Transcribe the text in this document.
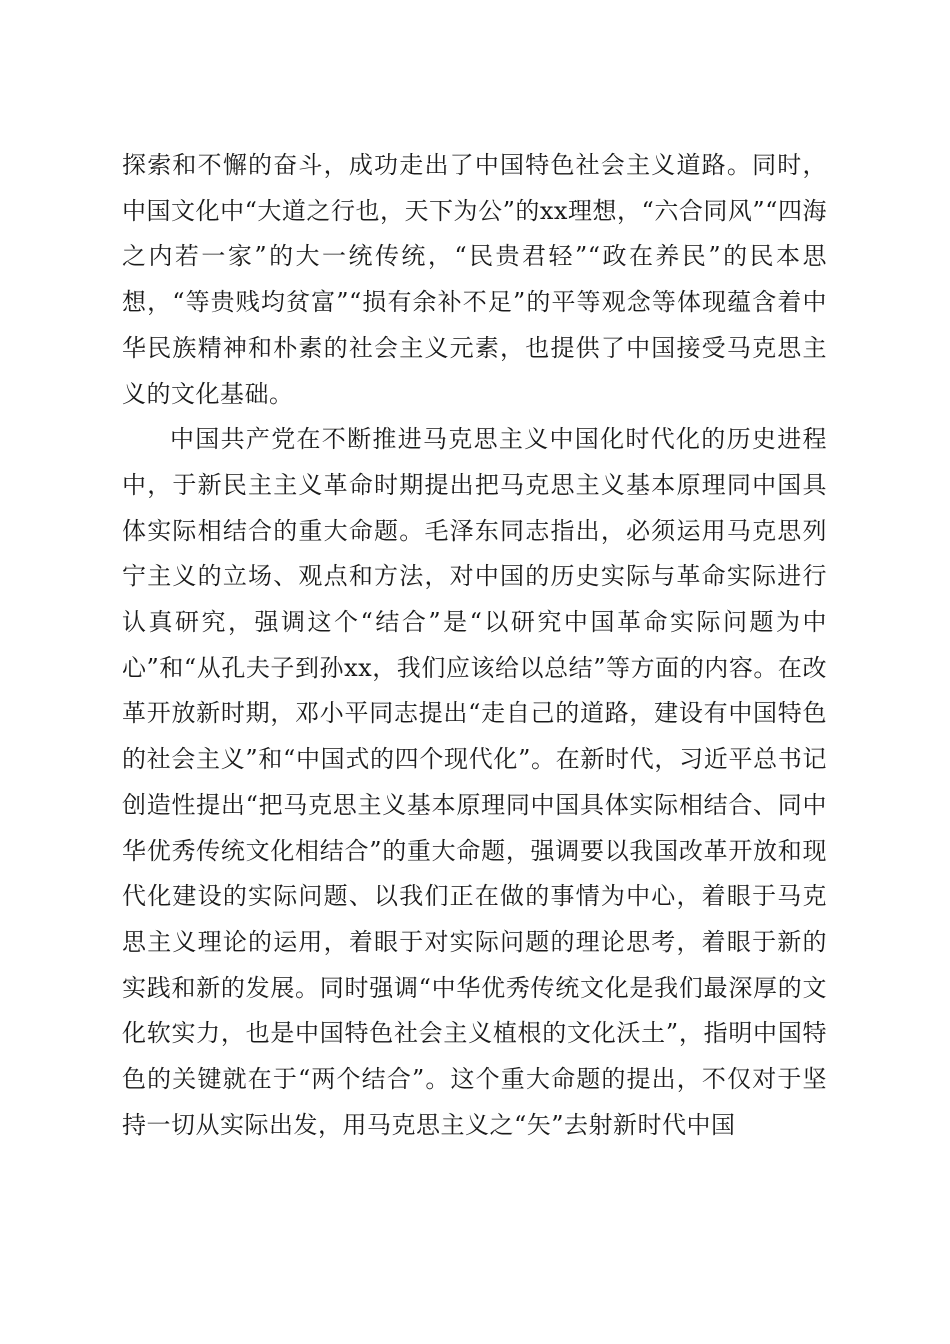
探索和不懈的奋斗，成功走出了中国特色社会主义道路。同时，中国文化中“大道之行也，天下为公”的xx理想，“六合同风”“四海之内若一家”的大一统传统，“民贵君轻”“政在养民”的民本思想，“等贵贱均贫富”“损有余补不足”的平等观念等体现蕴含着中华民族精神和朴素的社会主义元素，也提供了中国接受马克思主义的文化基础。

中国共产党在不断推进马克思主义中国化时代化的历史进程中，于新民主主义革命时期提出把马克思主义基本原理同中国具体实际相结合的重大命题。毛泽东同志指出，必须运用马克思列宁主义的立场、观点和方法，对中国的历史实际与革命实际进行认真研究，强调这个“结合”是“以研究中国革命实际问题为中心”和“从孔夫子到孙xx，我们应该给以总结”等方面的内容。在改革开放新时期，邓小平同志提出“走自己的道路，建设有中国特色的社会主义”和“中国式的四个现代化”。在新时代，习近平总书记创造性提出“把马克思主义基本原理同中国具体实际相结合、同中华优秀传统文化相结合”的重大命题，强调要以我国改革开放和现代化建设的实际问题、以我们正在做的事情为中心，着眼于马克思主义理论的运用，着眼于对实际问题的理论思考，着眼于新的实践和新的发展。同时强调“中华优秀传统文化是我们最深厚的文化软实力，也是中国特色社会主义植根的文化沃土”，指明中国特色的关键就在于“两个结合”。这个重大命题的提出，不仅对于坚持一切从实际出发，用马克思主义之“矢”去射新时代中国
